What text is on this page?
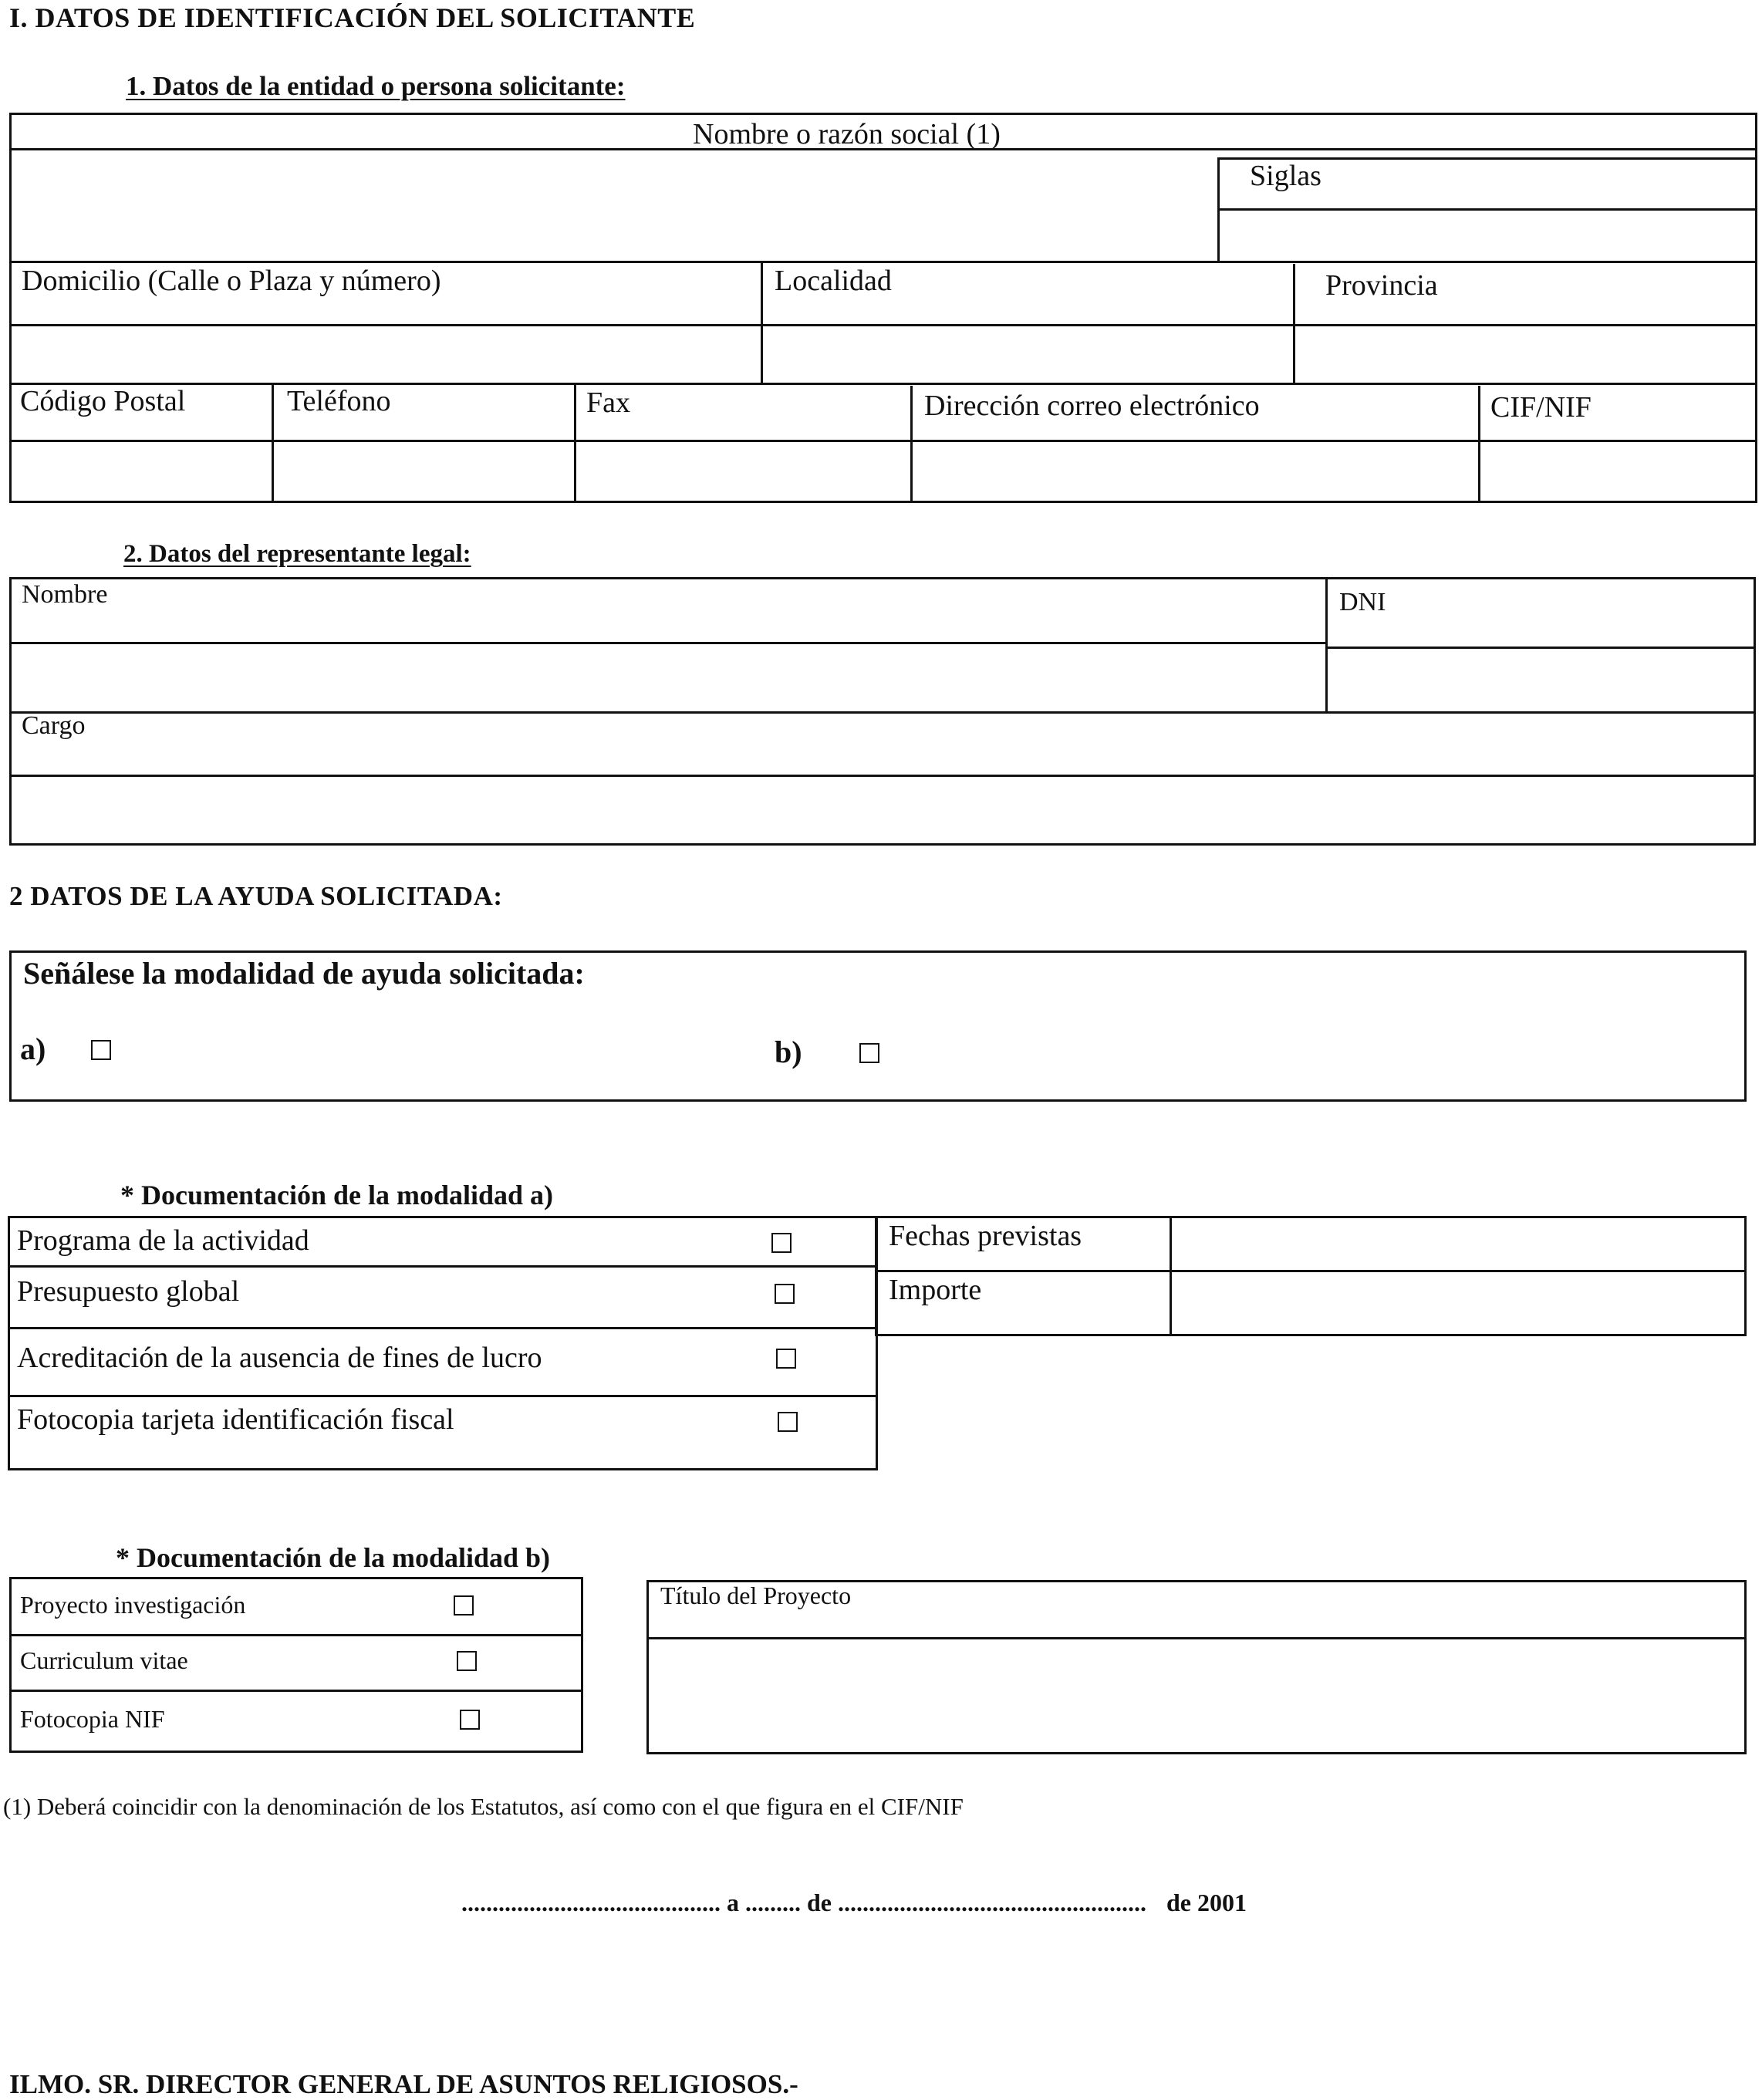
I. DATOS DE IDENTIFICACIÓN DEL SOLICITANTE
1. Datos de la entidad o persona solicitante:
Nombre o razón social (1)
Siglas
Domicilio (Calle o Plaza y número)	Localidad	Provincia
Código Postal	Teléfono	Fax	Dirección correo electrónico	CIF/NIF
2. Datos del representante legal:
Nombre	DNI
Cargo
2 DATOS DE LA AYUDA SOLICITADA:
Señálese la modalidad de ayuda solicitada:
a)	b)
* Documentación de la modalidad a)
Programa de la actividad
Presupuesto global
Acreditación de la ausencia de fines de lucro
Fotocopia tarjeta identificación fiscal
Fechas previstas
Importe
* Documentación de la modalidad b)
Proyecto investigación
Curriculum vitae
Fotocopia NIF
Título del Proyecto
(1) Deberá coincidir con la denominación de los Estatutos, así como con el que figura en el CIF/NIF
.......................................... a ......... de .................................................. de 2001
ILMO. SR. DIRECTOR GENERAL DE ASUNTOS RELIGIOSOS.-
